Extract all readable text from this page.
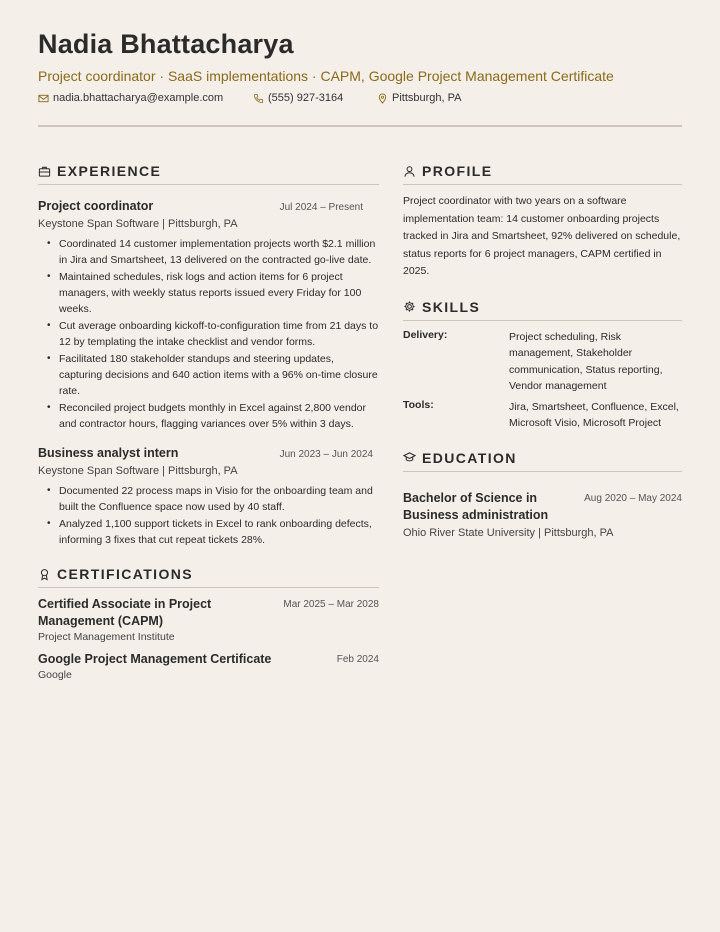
Nadia Bhattacharya
Project coordinator · SaaS implementations · CAPM, Google Project Management Certificate
nadia.bhattacharya@example.com	(555) 927-3164	Pittsburgh, PA
EXPERIENCE
Project coordinator	Jul 2024 – Present
Keystone Span Software | Pittsburgh, PA
• Coordinated 14 customer implementation projects worth $2.1 million in Jira and Smartsheet, 13 delivered on the contracted go-live date.
• Maintained schedules, risk logs and action items for 6 project managers, with weekly status reports issued every Friday for 100 weeks.
• Cut average onboarding kickoff-to-configuration time from 21 days to 12 by templating the intake checklist and vendor forms.
• Facilitated 180 stakeholder standups and steering updates, capturing decisions and 640 action items with a 96% on-time closure rate.
• Reconciled project budgets monthly in Excel against 2,800 vendor and contractor hours, flagging variances over 5% within 3 days.
Business analyst intern	Jun 2023 – Jun 2024
Keystone Span Software | Pittsburgh, PA
• Documented 22 process maps in Visio for the onboarding team and built the Confluence space now used by 40 staff.
• Analyzed 1,100 support tickets in Excel to rank onboarding defects, informing 3 fixes that cut repeat tickets 28%.
CERTIFICATIONS
Certified Associate in Project Management (CAPM)
Mar 2025 – Mar 2028
Project Management Institute
Google Project Management Certificate	Feb 2024
Google
PROFILE
Project coordinator with two years on a software implementation team: 14 customer onboarding projects tracked in Jira and Smartsheet, 92% delivered on schedule, status reports for 6 project managers, CAPM certified in 2025.
SKILLS
Delivery:	Project scheduling, Risk management, Stakeholder communication, Status reporting, Vendor management
Tools:	Jira, Smartsheet, Confluence, Excel, Microsoft Visio, Microsoft Project
EDUCATION
Bachelor of Science in Business administration
Aug 2020 – May 2024
Ohio River State University | Pittsburgh, PA
